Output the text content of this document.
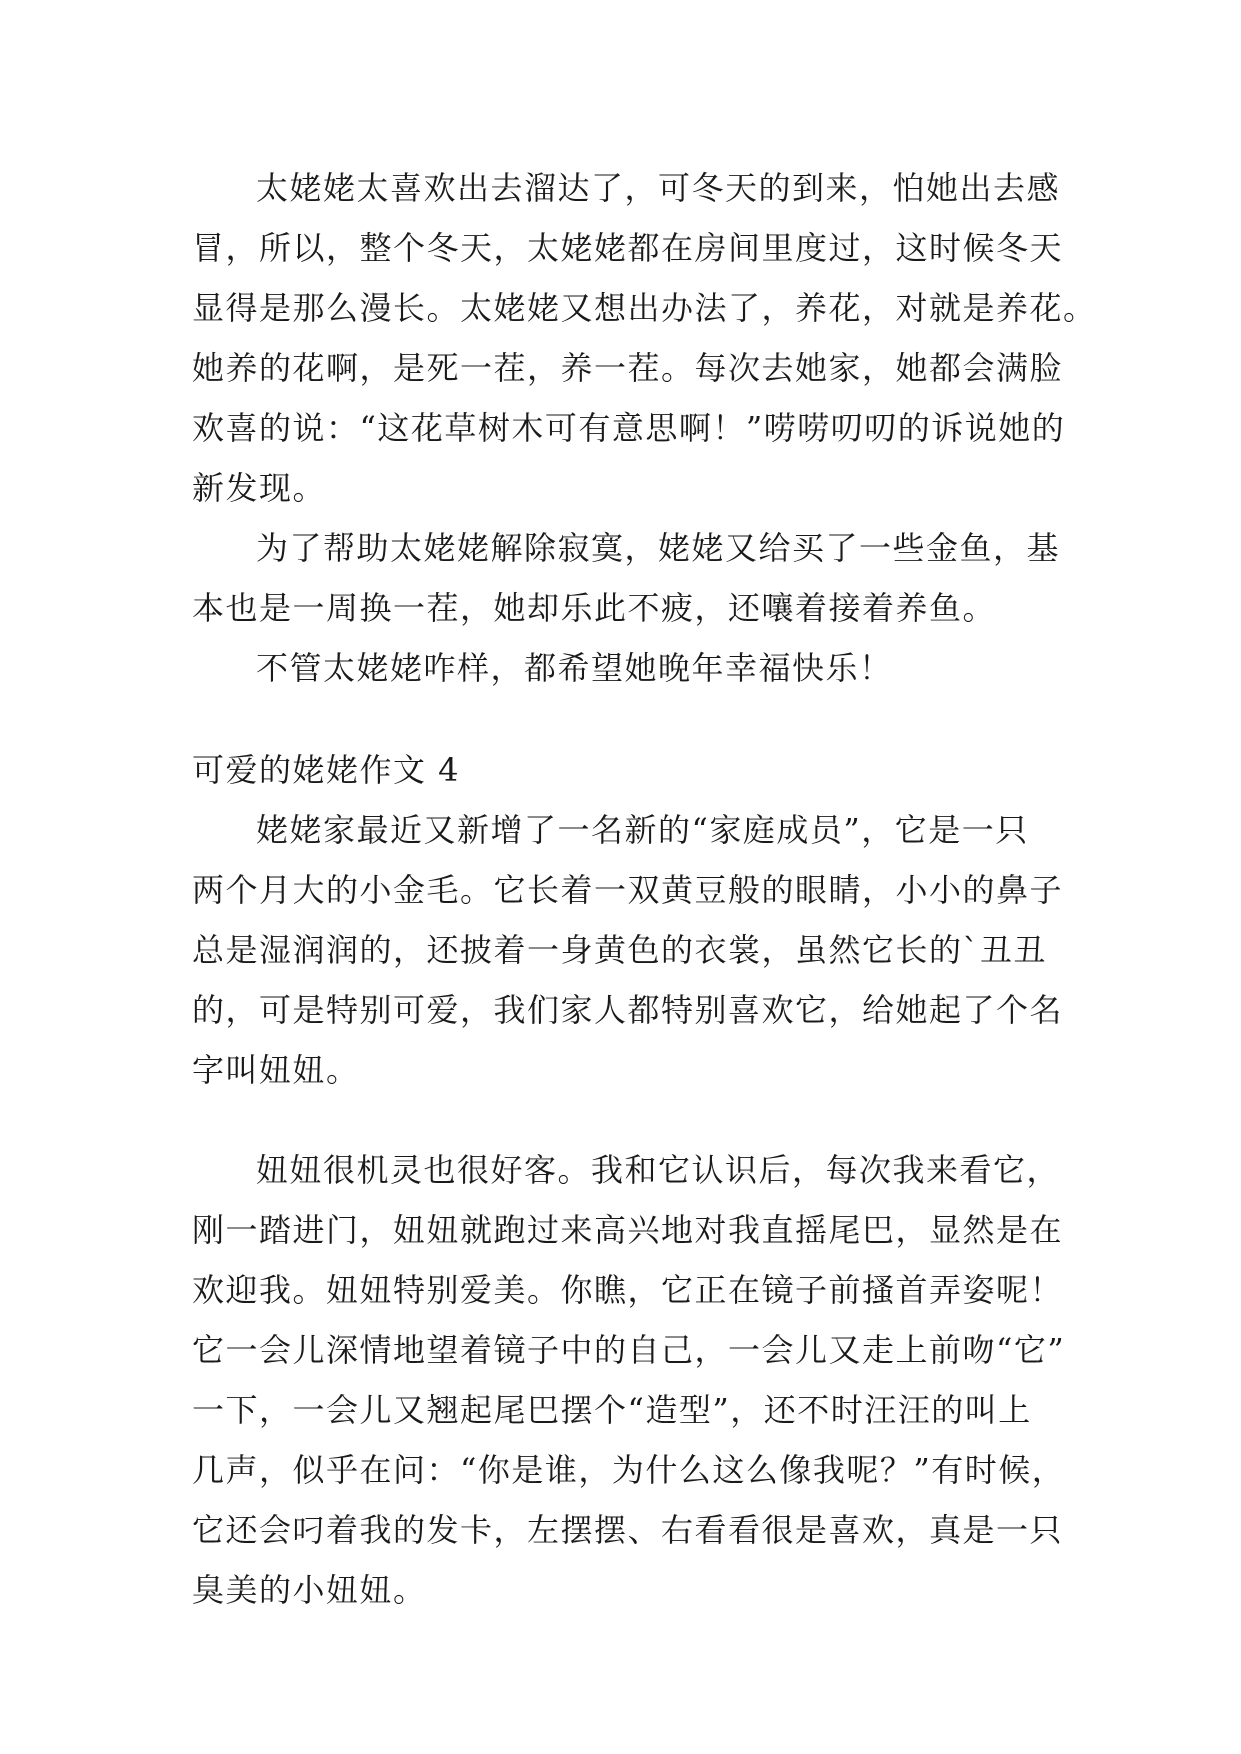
太姥姥太喜欢出去溜达了，可冬天的到来，怕她出去感
冒，所以，整个冬天，太姥姥都在房间里度过，这时候冬天
显得是那么漫长。太姥姥又想出办法了，养花，对就是养花。
她养的花啊，是死一茬，养一茬。每次去她家，她都会满脸
欢喜的说：“这花草树木可有意思啊！”唠唠叨叨的诉说她的
新发现。
为了帮助太姥姥解除寂寞，姥姥又给买了一些金鱼，基
本也是一周换一茬，她却乐此不疲，还嚷着接着养鱼。
不管太姥姥咋样，都希望她晚年幸福快乐！
可爱的姥姥作文 4
姥姥家最近又新增了一名新的“家庭成员”，它是一只
两个月大的小金毛。它长着一双黄豆般的眼睛，小小的鼻子
总是湿润润的，还披着一身黄色的衣裳，虽然它长的`丑丑
的，可是特别可爱，我们家人都特别喜欢它，给她起了个名
字叫妞妞。
妞妞很机灵也很好客。我和它认识后，每次我来看它，
刚一踏进门，妞妞就跑过来高兴地对我直摇尾巴，显然是在
欢迎我。妞妞特别爱美。你瞧，它正在镜子前搔首弄姿呢！
它一会儿深情地望着镜子中的自己，一会儿又走上前吻“它”
一下，一会儿又翘起尾巴摆个“造型”，还不时汪汪的叫上
几声，似乎在问：“你是谁，为什么这么像我呢？”有时候，
它还会叼着我的发卡，左摆摆、右看看很是喜欢，真是一只
臭美的小妞妞。
